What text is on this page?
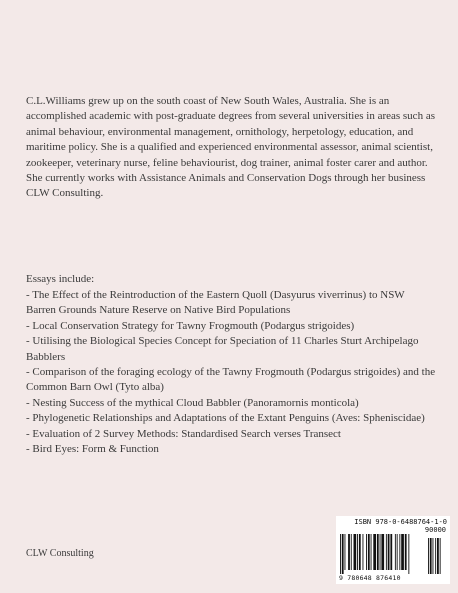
C.L.Williams grew up on the south coast of New South Wales, Australia. She is an accomplished academic with post-graduate degrees from several universities in areas such as animal behaviour, environmental management, ornithology, herpetology, education, and maritime policy. She is a qualified and experienced environmental assessor, animal scientist, zookeeper, veterinary nurse, feline behaviourist, dog trainer, animal foster carer and author. She currently works with Assistance Animals and Conservation Dogs through her business CLW Consulting.

Essays include:

- The Effect of the Reintroduction of the Eastern Quoll (Dasyurus viverrinus) to NSW Barren Grounds Nature Reserve on Native Bird Populations
- Local Conservation Strategy for Tawny Frogmouth (Podargus strigoides)
- Utilising the Biological Species Concept for Speciation of 11 Charles Sturt Archipelago Babblers
- Comparison of the foraging ecology of the Tawny Frogmouth (Podargus strigoides) and the Common Barn Owl (Tyto alba)
- Nesting Success of the mythical Cloud Babbler (Panoramornis monticola)
- Phylogenetic Relationships and Adaptations of the Extant Penguins (Aves: Spheniscidae)
- Evaluation of 2 Survey Methods: Standardised Search verses Transect
- Bird Eyes: Form & Function
CLW Consulting
ISBN 978-0-6488764-1-0
90000
9 780648 876410
